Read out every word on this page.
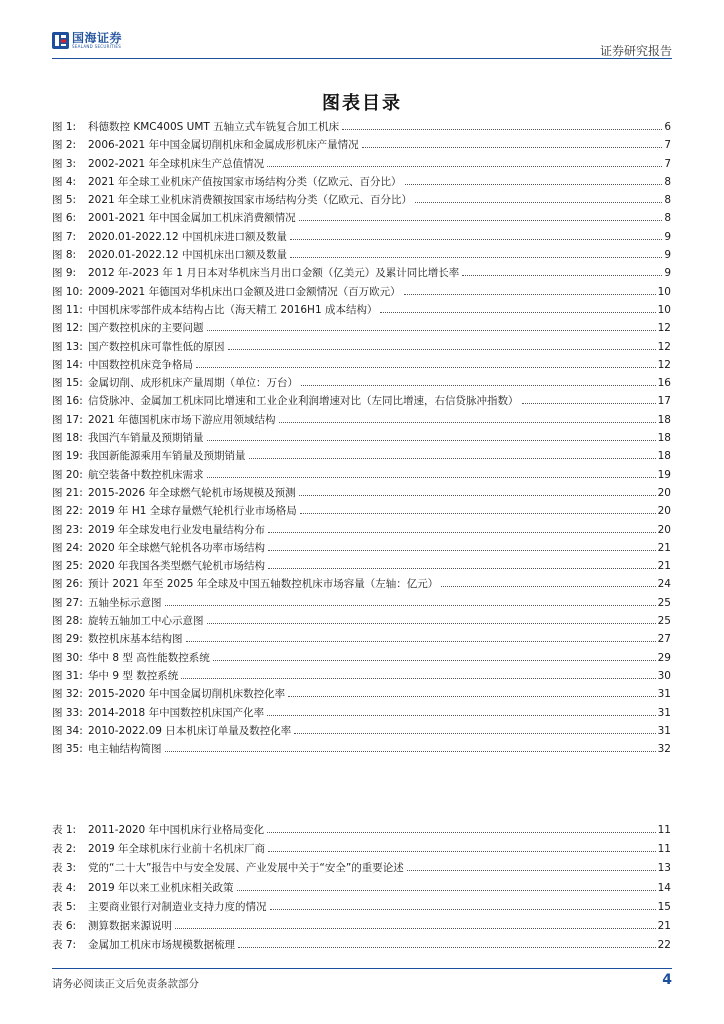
国海证券
SEALAND SECURITIES	证券研究报告
图表目录
图 1:	科德数控 KMC400S UMT 五轴立式车铣复合加工机床	6
图 2:	2006-2021 年中国金属切削机床和金属成形机床产量情况	7
图 3:	2002-2021 年全球机床生产总值情况	7
图 4:	2021 年全球工业机床产值按国家市场结构分类（亿欧元、百分比）	8
图 5:	2021 年全球工业机床消费额按国家市场结构分类（亿欧元、百分比）	8
图 6:	2001-2021 年中国金属加工机床消费额情况	8
图 7:	2020.01-2022.12 中国机床进口额及数量	9
图 8:	2020.01-2022.12 中国机床出口额及数量	9
图 9:	2012 年-2023 年 1 月日本对华机床当月出口金额（亿美元）及累计同比增长率	9
图 10: 2009-2021 年德国对华机床出口金额及进口金额情况（百万欧元）	10
图 11: 中国机床零部件成本结构占比（海天精工 2016H1 成本结构）	10
图 12: 国产数控机床的主要问题	12
图 13: 国产数控机床可靠性低的原因	12
图 14: 中国数控机床竞争格局	12
图 15: 金属切削、成形机床产量周期（单位：万台）	16
图 16: 信贷脉冲、金属加工机床同比增速和工业企业利润增速对比（左同比增速，右信贷脉冲指数）	17
图 17: 2021 年德国机床市场下游应用领域结构	18
图 18: 我国汽车销量及预期销量	18
图 19: 我国新能源乘用车销量及预期销量	18
图 20: 航空装备中数控机床需求	19
图 21: 2015-2026 年全球燃气轮机市场规模及预测	20
图 22: 2019 年 H1 全球存量燃气轮机行业市场格局	20
图 23: 2019 年全球发电行业发电量结构分布	20
图 24: 2020 年全球燃气轮机各功率市场结构	21
图 25: 2020 年我国各类型燃气轮机市场结构	21
图 26: 预计 2021 年至 2025 年全球及中国五轴数控机床市场容量（左轴：亿元）	24
图 27: 五轴坐标示意图	25
图 28: 旋转五轴加工中心示意图	25
图 29: 数控机床基本结构图	27
图 30: 华中 8 型 高性能数控系统	29
图 31: 华中 9 型 数控系统	30
图 32: 2015-2020 年中国金属切削机床数控化率	31
图 33: 2014-2018 年中国数控机床国产化率	31
图 34: 2010-2022.09 日本机床订单量及数控化率	31
图 35: 电主轴结构简图	32
表 1:	2011-2020 年中国机床行业格局变化	11
表 2:	2019 年全球机床行业前十名机床厂商	11
表 3:	党的“二十大”报告中与安全发展、产业发展中关于“安全”的重要论述	13
表 4:	2019 年以来工业机床相关政策	14
表 5:	主要商业银行对制造业支持力度的情况	15
表 6:	测算数据来源说明	21
表 7:	金属加工机床市场规模数据梳理	22
请务必阅读正文后免责条款部分	4
